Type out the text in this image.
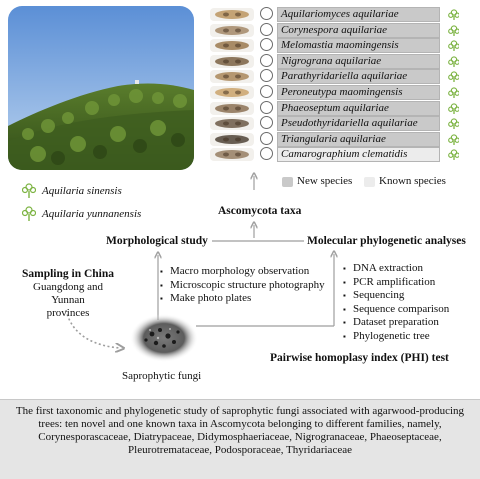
Aquilariomyces aquilariae
Corynespora aquilariae
Melomastia maomingensis
Nigrograna aquilariae
Parathyridariella aquilariae
Peroneutypa maomingensis
Phaeoseptum aquilariae
Pseudothyridariella aquilariae
Triangularia aquilariae
Camarographium clematidis
New species Known species
Aquilaria sinensis
Aquilaria yunnanensis	Ascomycota taxa
Morphological study	Molecular phylogenetic analyses
Sampling in China
Guangdong and
Yunnan
provinces
▪ Macro morphology observation
▪ Microscopic structure photography
▪ Make photo plates
▪ DNA extraction
▪ PCR amplification
▪ Sequencing
▪ Sequence comparison
▪ Dataset preparation
▪ Phylogenetic tree
Saprophytic fungi
Pairwise homoplasy index (PHI) test
The first taxonomic and phylogenetic study of saprophytic fungi associated with agarwood-producing trees: ten novel and one known taxa in Ascomycota belonging to different families, namely, Corynesporascaceae, Diatrypaceae, Didymosphaeriaceae, Nigrogranaceae, Phaeoseptaceae, Pleurotremataceae, Podosporaceae, Thyridariaceae
